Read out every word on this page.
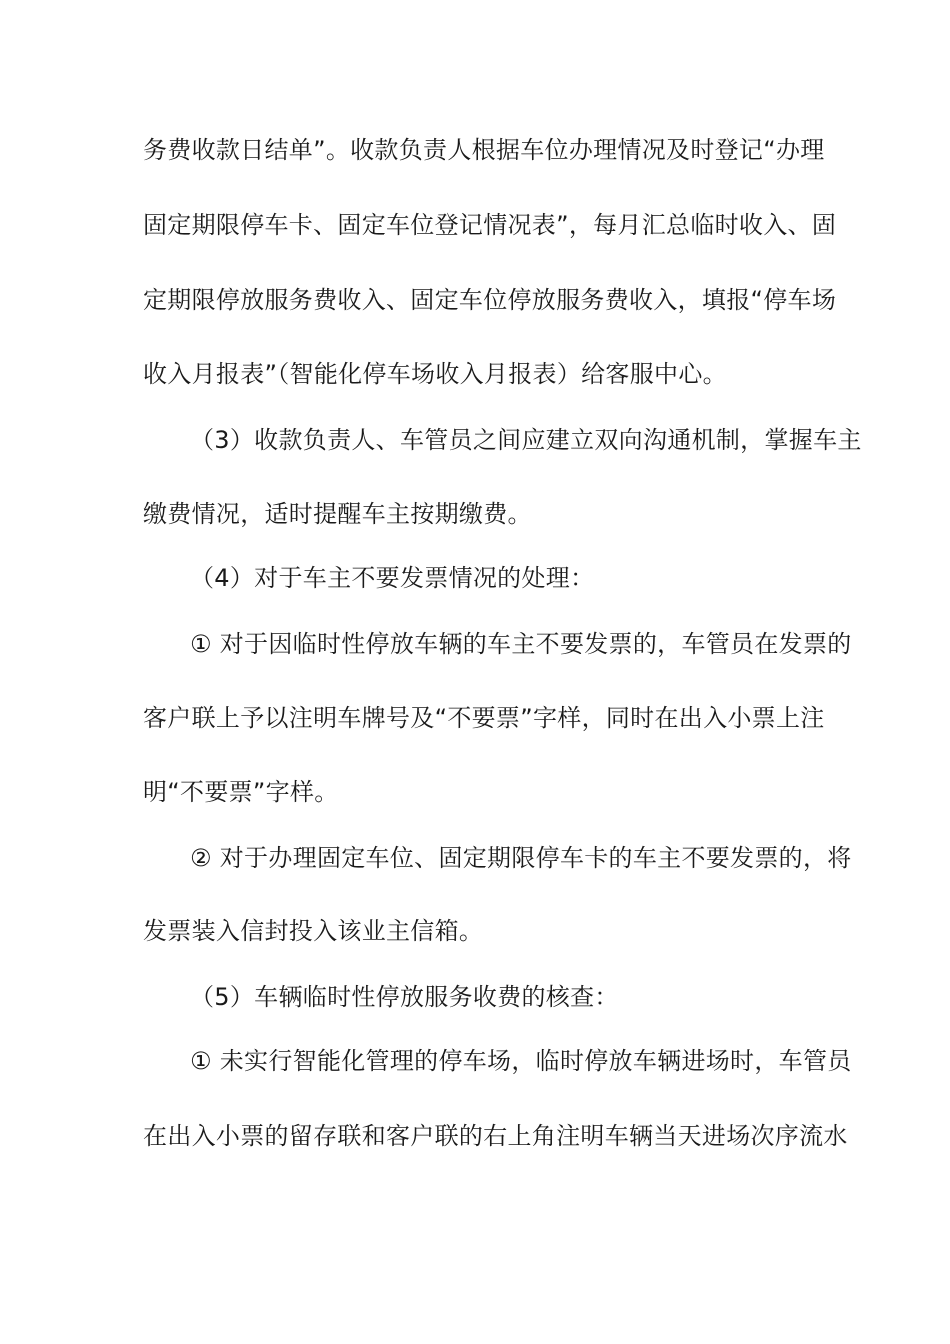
务费收款日结单”。收款负责人根据车位办理情况及时登记“办理
固定期限停车卡、固定车位登记情况表”，每月汇总临时收入、固
定期限停放服务费收入、固定车位停放服务费收入，填报“停车场
收入月报表”（智能化停车场收入月报表）给客服中心。
（3）收款负责人、车管员之间应建立双向沟通机制，掌握车主
缴费情况，适时提醒车主按期缴费。
（4）对于车主不要发票情况的处理：
① 对于因临时性停放车辆的车主不要发票的，车管员在发票的
客户联上予以注明车牌号及“不要票”字样，同时在出入小票上注
明“不要票”字样。
② 对于办理固定车位、固定期限停车卡的车主不要发票的，将
发票装入信封投入该业主信箱。
（5）车辆临时性停放服务收费的核查：
① 未实行智能化管理的停车场，临时停放车辆进场时，车管员
在出入小票的留存联和客户联的右上角注明车辆当天进场次序流水
